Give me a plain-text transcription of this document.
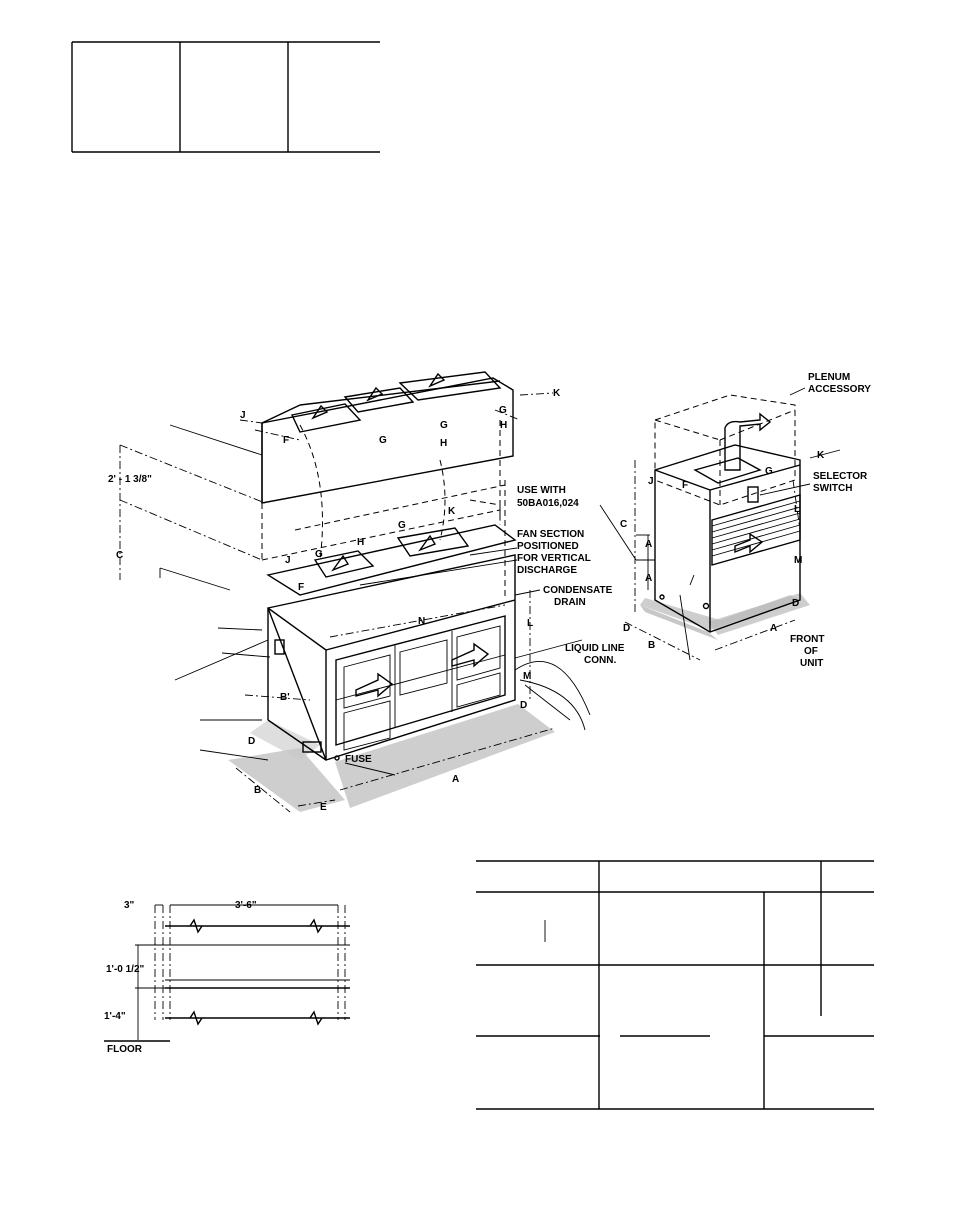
J
K
F	G
G
G
H
H
2' - 1 3/8"
C	J
G
G
H
F
K
N	L
M
B'
D
D
B
E
A
USE WITH
50BA016,024
FAN SECTION
POSITIONED
FOR VERTICAL
DISCHARGE
CONDENSATE
DRAIN
LIQUID LINE
CONN.
FUSE
PLENUM
ACCESSORY
SELECTOR
SWITCH
FRONT
OF
UNIT
K
J	F
G
L
M
C
A
A
D
B
A
D
3"	3'-6"
1'-0 1/2"
1'-4"
FLOOR
